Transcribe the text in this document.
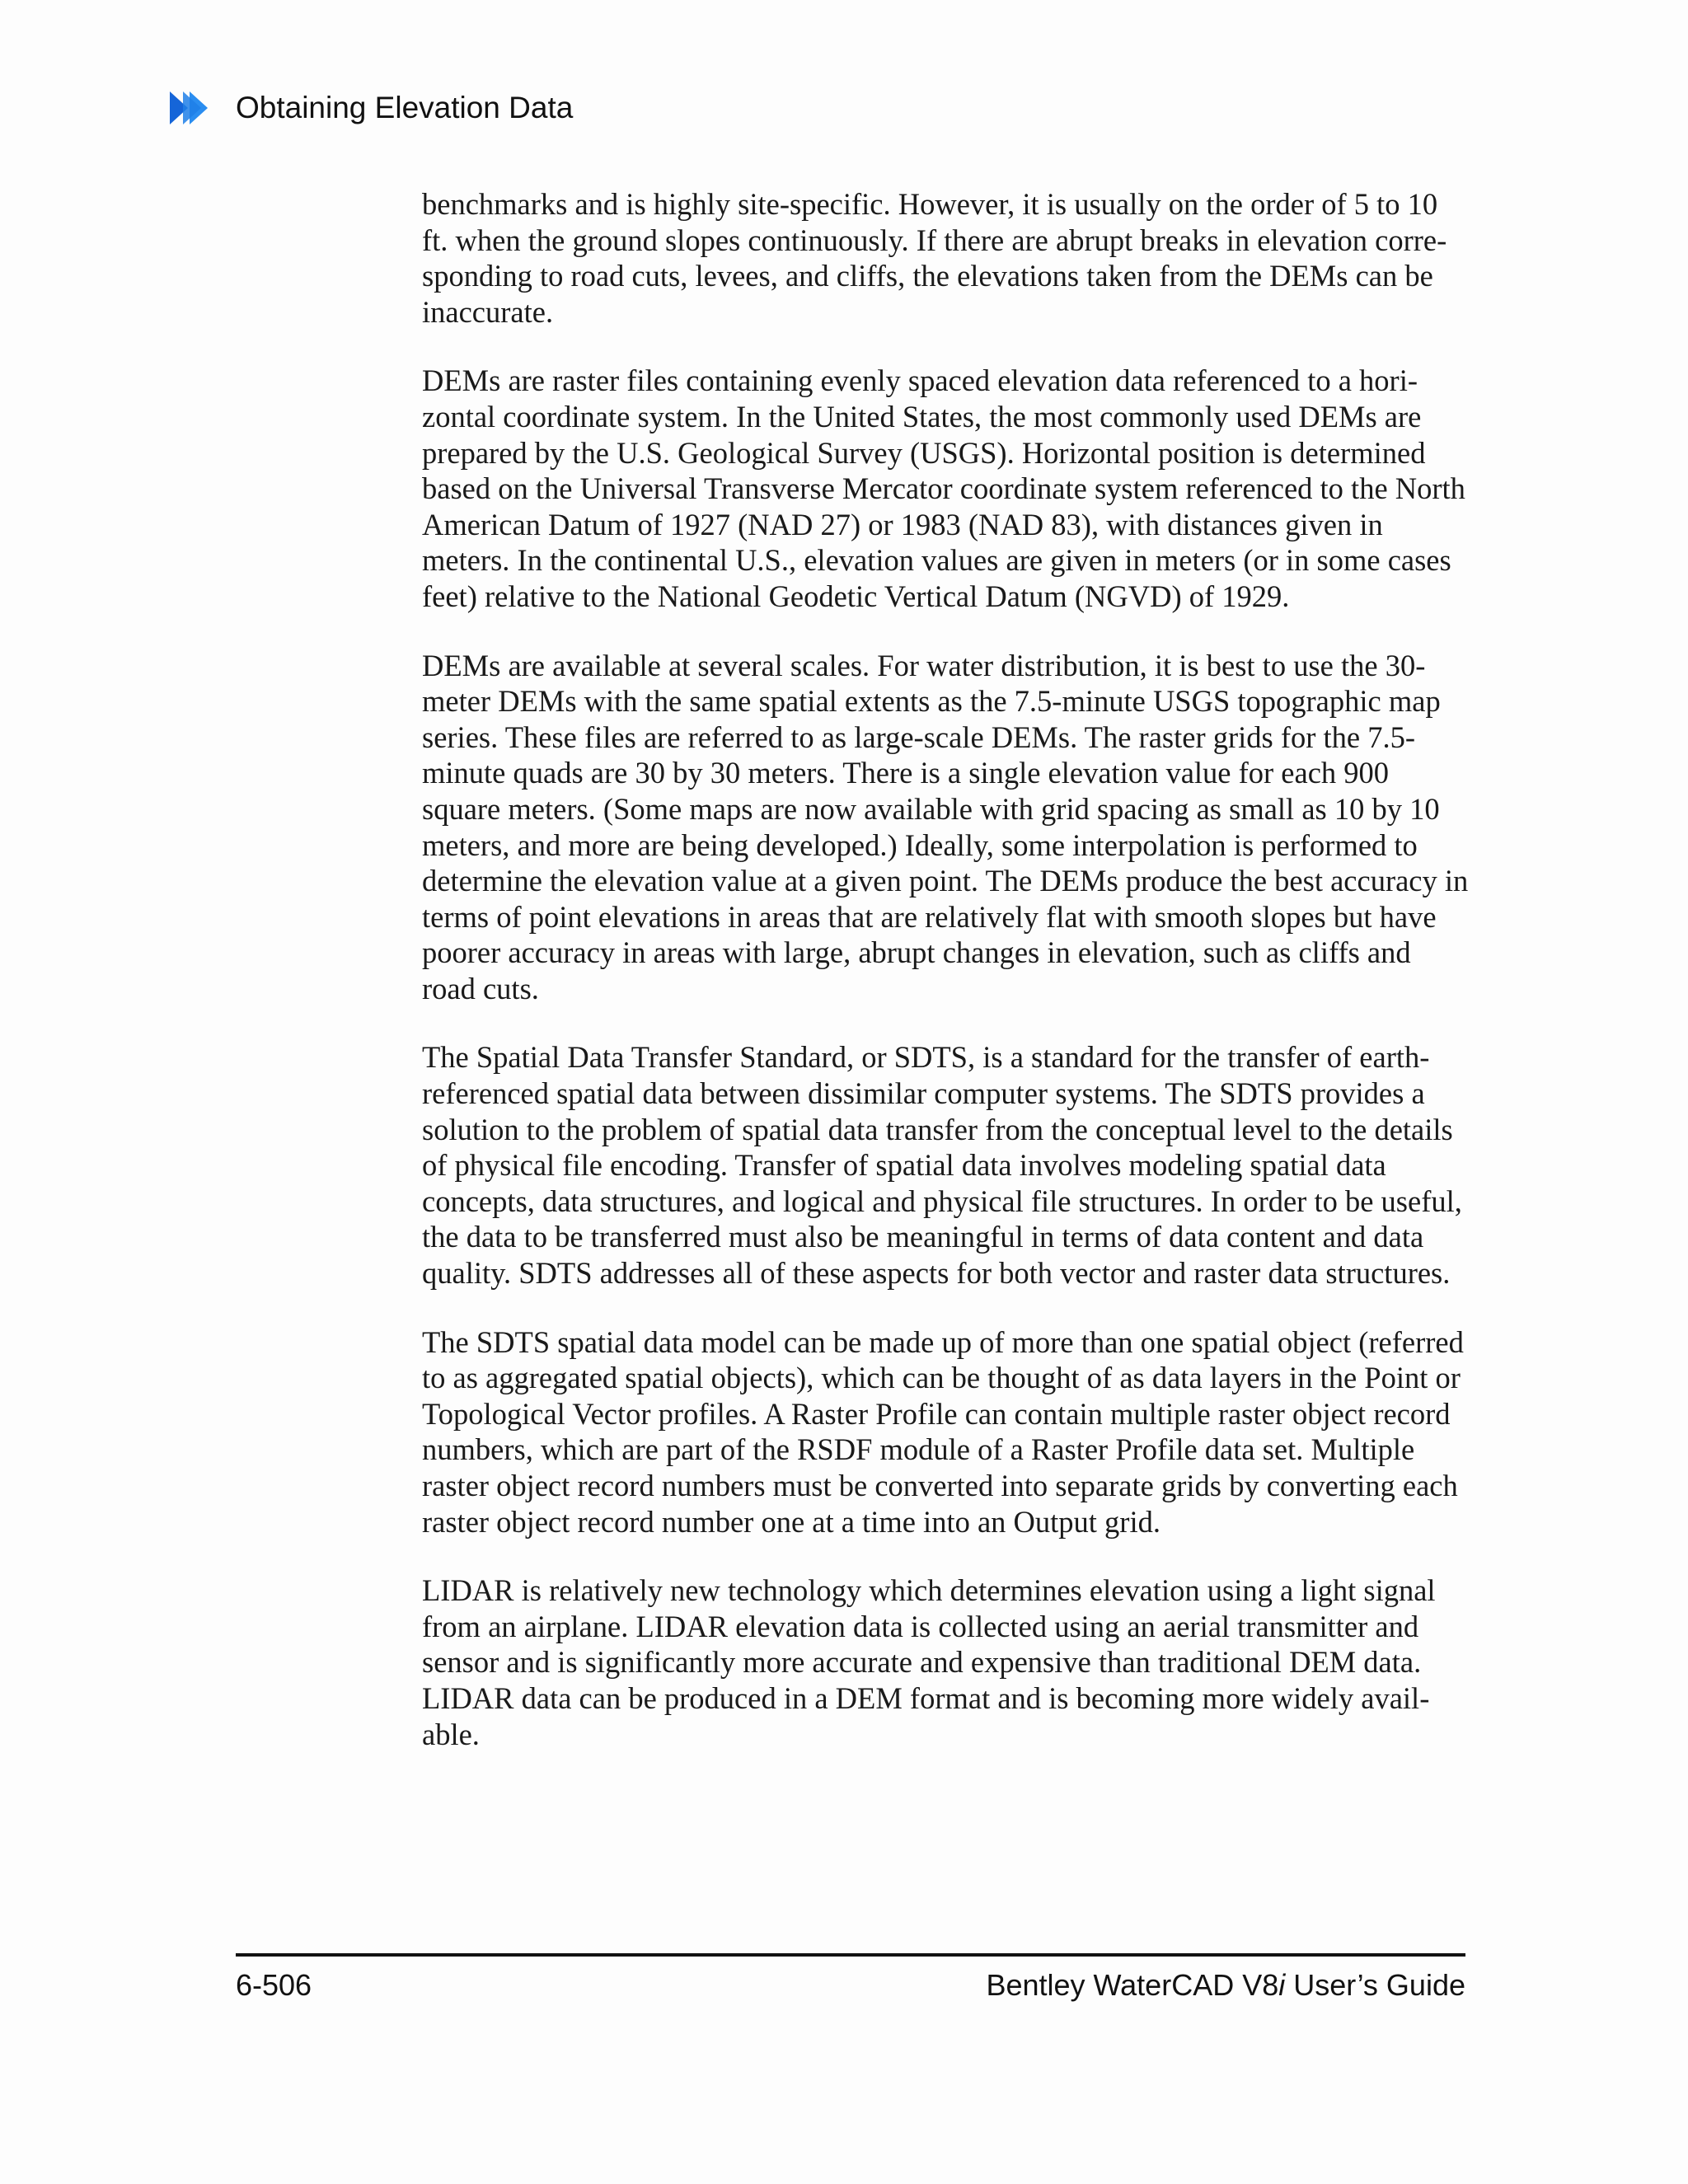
Obtaining Elevation Data

benchmarks and is highly site-specific. However, it is usually on the order of 5 to 10 ft. when the ground slopes continuously. If there are abrupt breaks in elevation corre-sponding to road cuts, levees, and cliffs, the elevations taken from the DEMs can be inaccurate.

DEMs are raster files containing evenly spaced elevation data referenced to a hori-zontal coordinate system. In the United States, the most commonly used DEMs are prepared by the U.S. Geological Survey (USGS). Horizontal position is determined based on the Universal Transverse Mercator coordinate system referenced to the North American Datum of 1927 (NAD 27) or 1983 (NAD 83), with distances given in meters. In the continental U.S., elevation values are given in meters (or in some cases feet) relative to the National Geodetic Vertical Datum (NGVD) of 1929.

DEMs are available at several scales. For water distribution, it is best to use the 30-meter DEMs with the same spatial extents as the 7.5-minute USGS topographic map series. These files are referred to as large-scale DEMs. The raster grids for the 7.5-minute quads are 30 by 30 meters. There is a single elevation value for each 900 square meters. (Some maps are now available with grid spacing as small as 10 by 10 meters, and more are being developed.) Ideally, some interpolation is performed to determine the elevation value at a given point. The DEMs produce the best accuracy in terms of point elevations in areas that are relatively flat with smooth slopes but have poorer accuracy in areas with large, abrupt changes in elevation, such as cliffs and road cuts.

The Spatial Data Transfer Standard, or SDTS, is a standard for the transfer of earth-referenced spatial data between dissimilar computer systems. The SDTS provides a solution to the problem of spatial data transfer from the conceptual level to the details of physical file encoding. Transfer of spatial data involves modeling spatial data concepts, data structures, and logical and physical file structures. In order to be useful, the data to be transferred must also be meaningful in terms of data content and data quality. SDTS addresses all of these aspects for both vector and raster data structures.

The SDTS spatial data model can be made up of more than one spatial object (referred to as aggregated spatial objects), which can be thought of as data layers in the Point or Topological Vector profiles. A Raster Profile can contain multiple raster object record numbers, which are part of the RSDF module of a Raster Profile data set. Multiple raster object record numbers must be converted into separate grids by converting each raster object record number one at a time into an Output grid.

LIDAR is relatively new technology which determines elevation using a light signal from an airplane. LIDAR elevation data is collected using an aerial transmitter and sensor and is significantly more accurate and expensive than traditional DEM data. LIDAR data can be produced in a DEM format and is becoming more widely avail-able.

6-506	Bentley WaterCAD V8i User’s Guide
